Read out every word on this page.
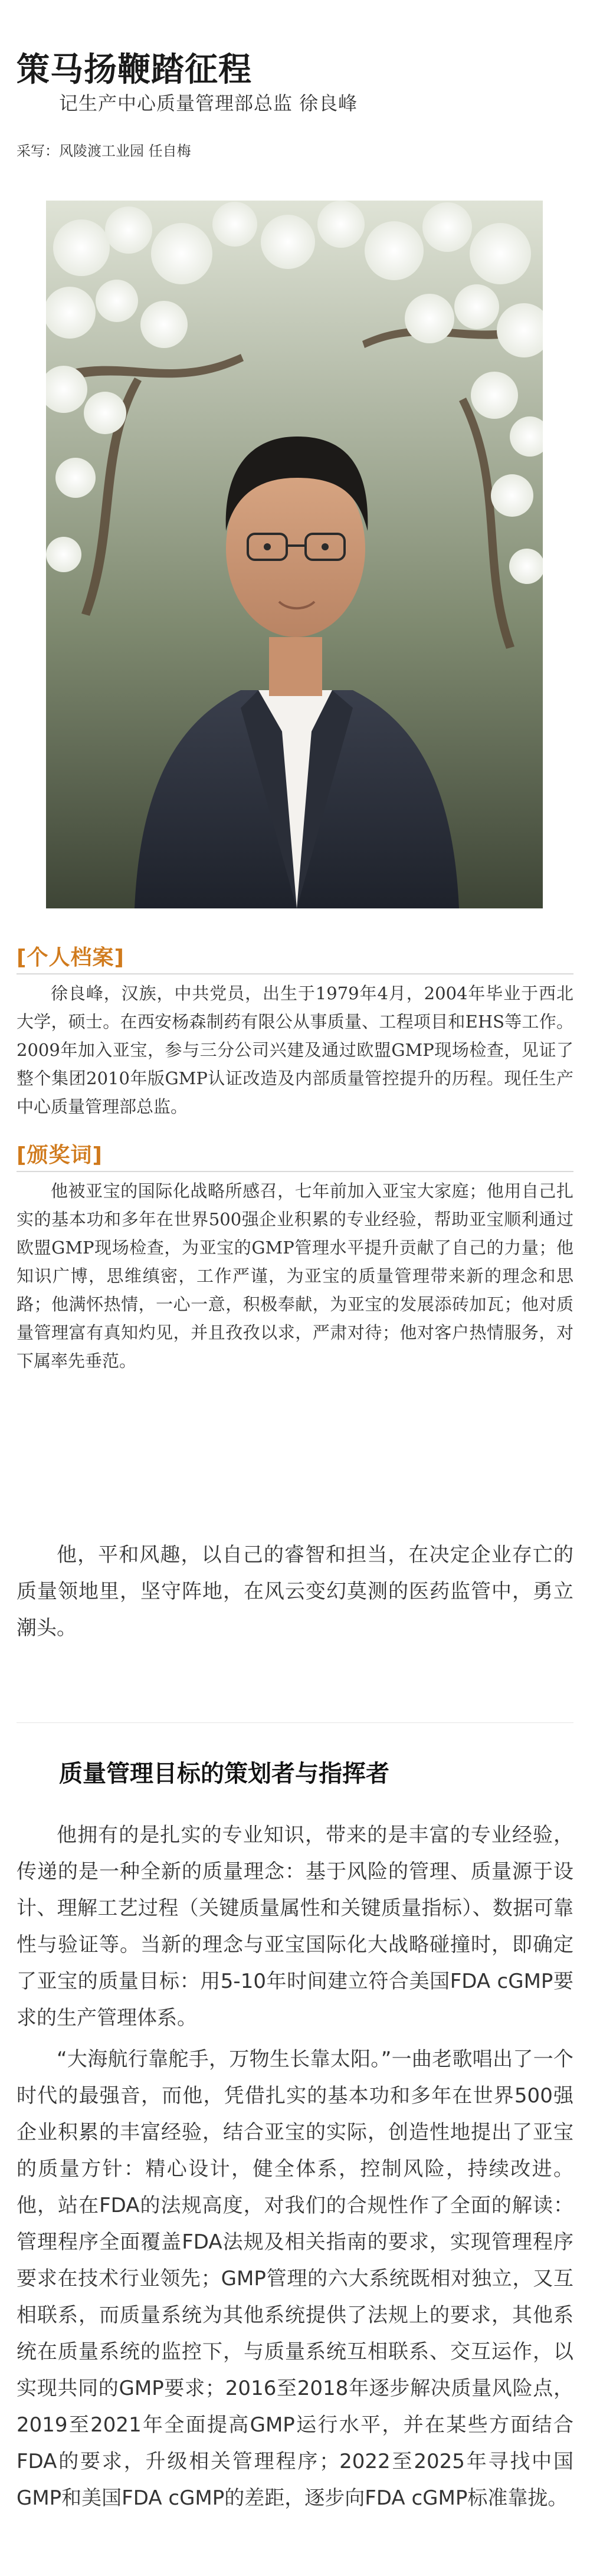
策马扬鞭踏征程
记生产中心质量管理部总监 徐良峰
采写：风陵渡工业园 任自梅
[个人档案]
徐良峰，汉族，中共党员，出生于1979年4月，2004年毕业于西北大学，硕士。在西安杨森制药有限公从事质量、工程项目和EHS等工作。2009年加入亚宝，参与三分公司兴建及通过欧盟GMP现场检查，见证了整个集团2010年版GMP认证改造及内部质量管控提升的历程。现任生产中心质量管理部总监。
[颁奖词]
他被亚宝的国际化战略所感召，七年前加入亚宝大家庭；他用自己扎实的基本功和多年在世界500强企业积累的专业经验，帮助亚宝顺利通过欧盟GMP现场检查，为亚宝的GMP管理水平提升贡献了自己的力量；他知识广博，思维缜密，工作严谨，为亚宝的质量管理带来新的理念和思路；他满怀热情，一心一意，积极奉献，为亚宝的发展添砖加瓦；他对质量管理富有真知灼见，并且孜孜以求，严肃对待；他对客户热情服务，对下属率先垂范。
他，平和风趣，以自己的睿智和担当，在决定企业存亡的质量领地里，坚守阵地，在风云变幻莫测的医药监管中，勇立潮头。
质量管理目标的策划者与指挥者
他拥有的是扎实的专业知识，带来的是丰富的专业经验，传递的是一种全新的质量理念：基于风险的管理、质量源于设计、理解工艺过程（关键质量属性和关键质量指标）、数据可靠性与验证等。当新的理念与亚宝国际化大战略碰撞时，即确定了亚宝的质量目标：用5-10年时间建立符合美国FDA cGMP要求的生产管理体系。
“大海航行靠舵手，万物生长靠太阳。”一曲老歌唱出了一个时代的最强音，而他，凭借扎实的基本功和多年在世界500强企业积累的丰富经验，结合亚宝的实际，创造性地提出了亚宝的质量方针：精心设计，健全体系，控制风险，持续改进。他，站在FDA的法规高度，对我们的合规性作了全面的解读：管理程序全面覆盖FDA法规及相关指南的要求，实现管理程序要求在技术行业领先；GMP管理的六大系统既相对独立，又互相联系，而质量系统为其他系统提供了法规上的要求，其他系统在质量系统的监控下，与质量系统互相联系、交互运作，以实现共同的GMP要求；2016至2018年逐步解决质量风险点，2019至2021年全面提高GMP运行水平，并在某些方面结合FDA的要求，升级相关管理程序；2022至2025年寻找中国GMP和美国FDA cGMP的差距，逐步向FDA cGMP标准靠拢。
